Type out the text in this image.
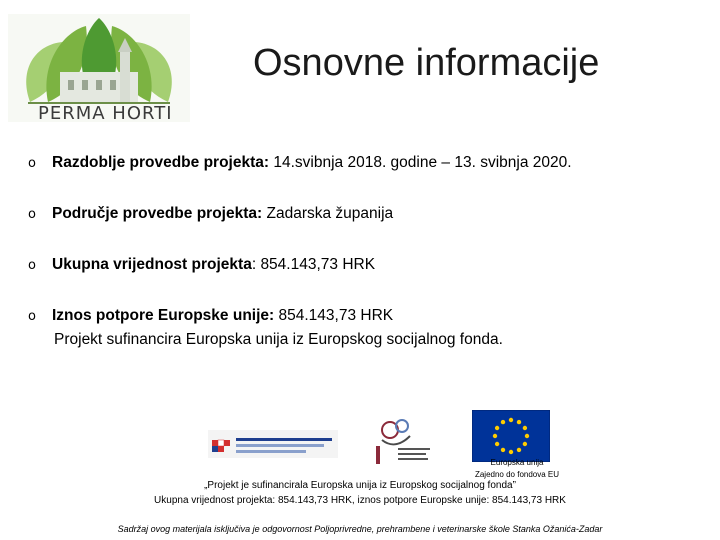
PERMA HORTI
Osnovne informacije
o Razdoblje provedbe projekta: 14.svibnja 2018. godine – 13. svibnja 2020.
o Područje provedbe projekta: Zadarska županija
o Ukupna vrijednost projekta: 854.143,73 HRK
o Iznos potpore Europske unije: 854.143,73 HRK
Projekt sufinancira Europska unija iz Europskog socijalnog fonda.
Europska unija
Zajedno do fondova EU
„Projekt je sufinancirala Europska unija iz Europskog socijalnog fonda”
Ukupna vrijednost projekta: 854.143,73 HRK, iznos potpore Europske unije: 854.143,73 HRK
Sadržaj ovog materijala isključiva je odgovornost Poljoprivredne, prehrambene i veterinarske škole Stanka Ožanića-Zadar
